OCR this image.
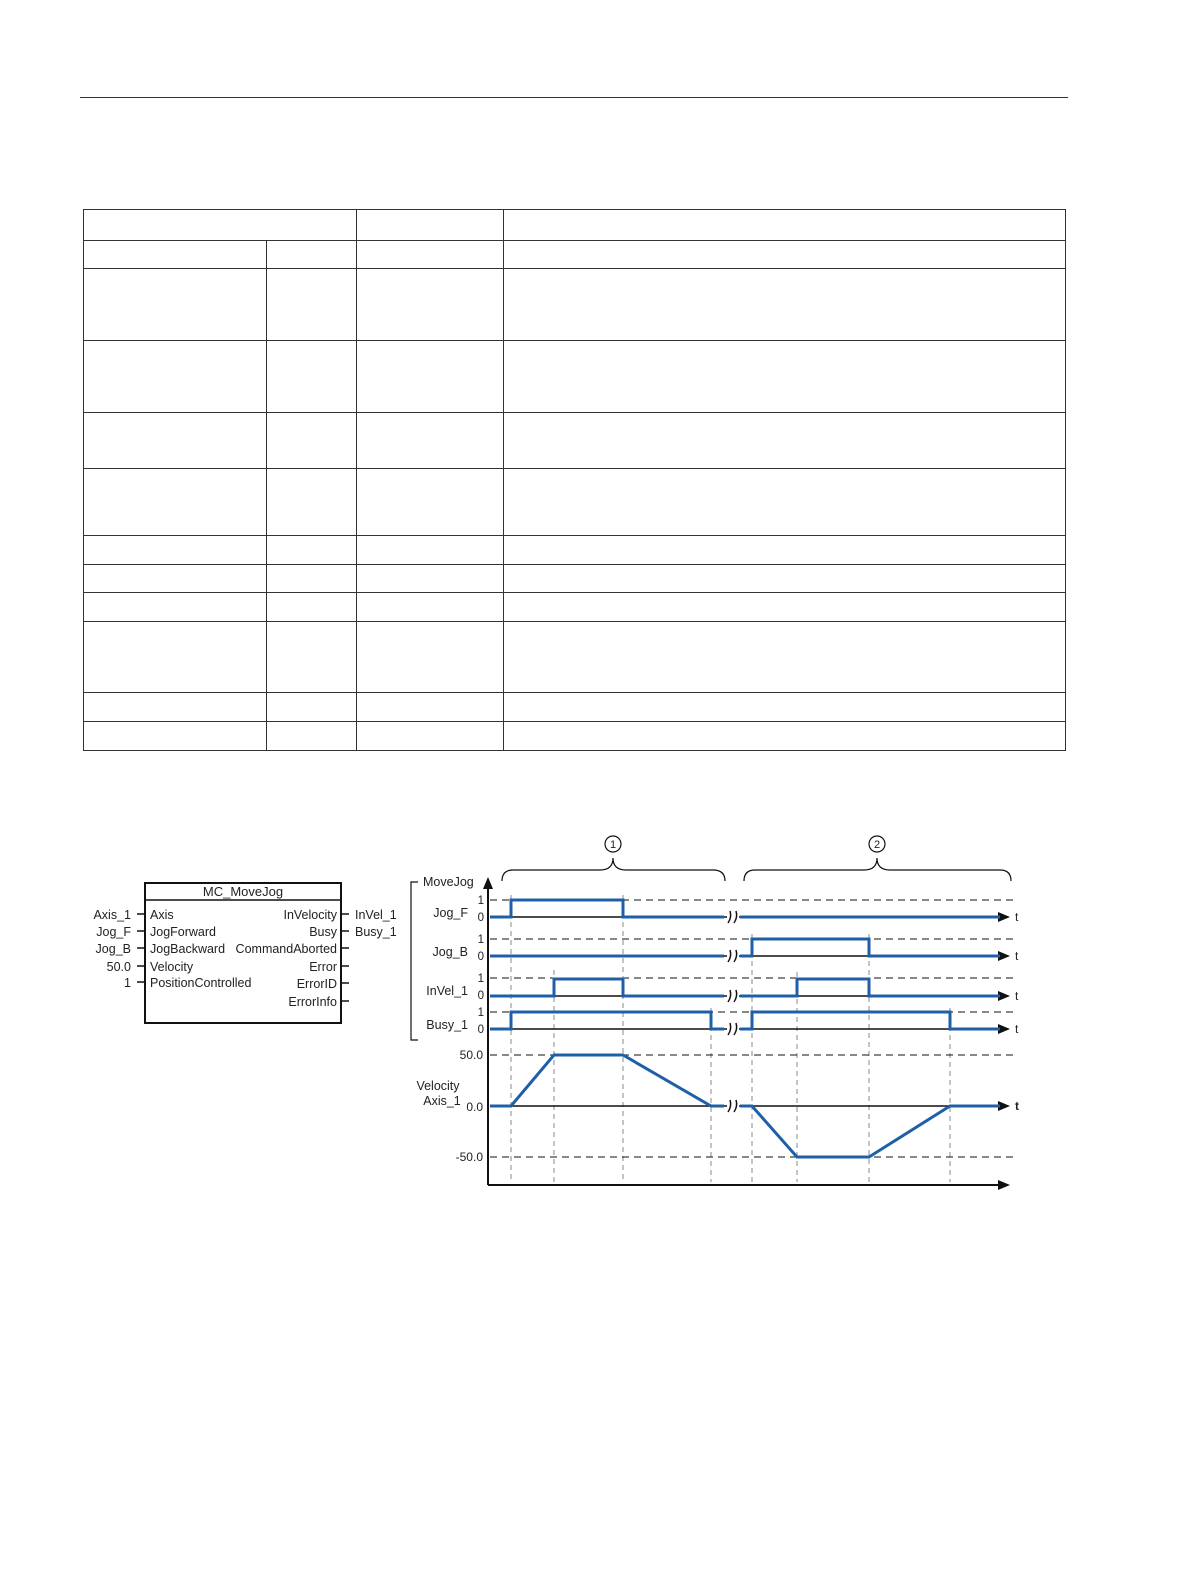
MC_MoveJog
Axis_1 Axis
Jog_F JogForward
Jog_B JogBackward
50.0 Velocity
1 PositionControlled
InVelocity InVel_1
Busy Busy_1
CommandAborted
Error
ErrorID
ErrorInfo
1	2
MoveJog
t
t
t
t
t
Jog_F
1
0
Jog_B
1
0
InVel_1
1
0
Busy_1
1
0
Velocity
Axis_1
50.0
0.0
-50.0
